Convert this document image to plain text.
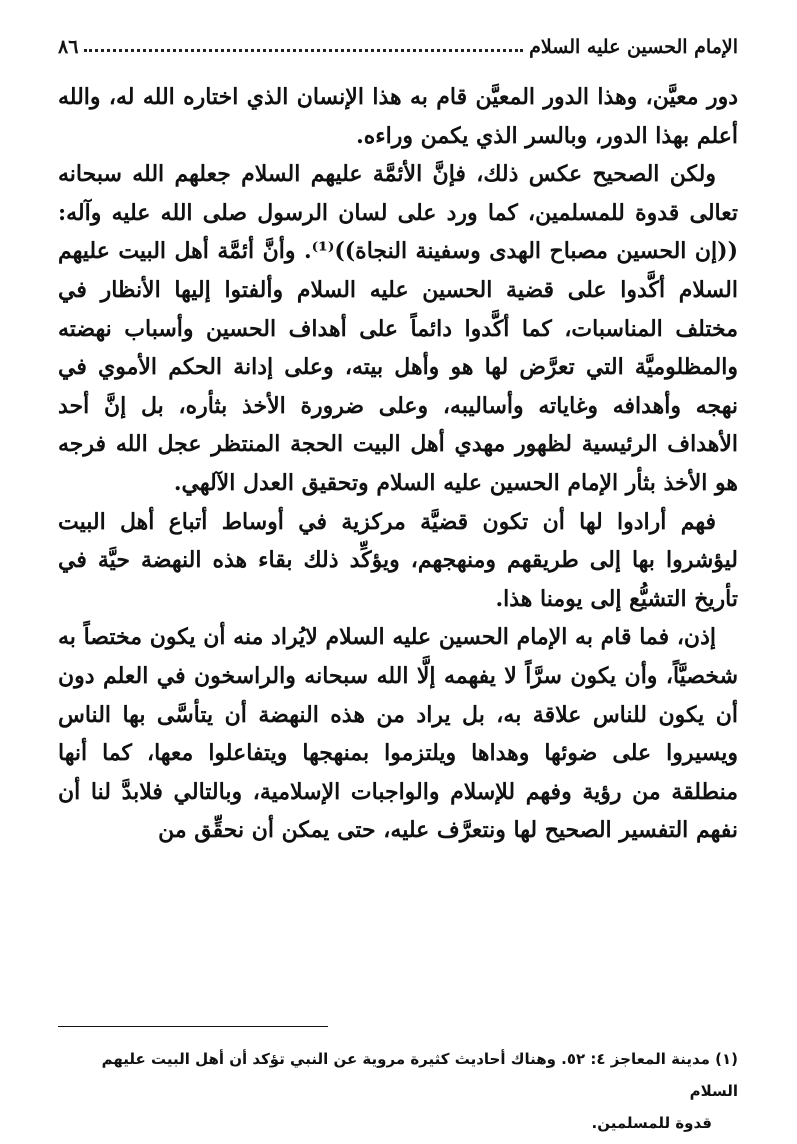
الإمام الحسين عليه السلام
٨٦

دور معيَّن، وهذا الدور المعيَّن قام به هذا الإنسان الذي اختاره الله له، والله أعلم بهذا الدور، وبالسر الذي يكمن وراءه.

ولكن الصحيح عكس ذلك، فإنَّ الأئمَّة عليهم السلام جعلهم الله سبحانه تعالى قدوة للمسلمين، كما ورد على لسان الرسول صلى الله عليه وآله: ((إن الحسين مصباح الهدى وسفينة النجاة))⁽¹⁾. وأنَّ أئمَّة أهل البيت عليهم السلام أكَّدوا على قضية الحسين عليه السلام وألفتوا إليها الأنظار في مختلف المناسبات، كما أكَّدوا دائماً على أهداف الحسين وأسباب نهضته والمظلوميَّة التي تعرَّض لها هو وأهل بيته، وعلى إدانة الحكم الأموي في نهجه وأهدافه وغاياته وأساليبه، وعلى ضرورة الأخذ بثأره، بل إنَّ أحد الأهداف الرئيسية لظهور مهدي أهل البيت الحجة المنتظر عجل الله فرجه هو الأخذ بثأر الإمام الحسين عليه السلام وتحقيق العدل الآلهي.

فهم أرادوا لها أن تكون قضيَّة مركزية في أوساط أتباع أهل البيت ليؤشروا بها إلى طريقهم ومنهجهم، ويؤكِّد ذلك بقاء هذه النهضة حيَّة في تأريخ التشيُّع إلى يومنا هذا.

إذن، فما قام به الإمام الحسين عليه السلام لايُراد منه أن يكون مختصاً به شخصيَّاً، وأن يكون سرَّاً لا يفهمه إلَّا الله سبحانه والراسخون في العلم دون أن يكون للناس علاقة به، بل يراد من هذه النهضة أن يتأسَّى بها الناس ويسيروا على ضوئها وهداها ويلتزموا بمنهجها ويتفاعلوا معها، كما أنها منطلقة من رؤية وفهم للإسلام والواجبات الإسلامية، وبالتالي فلابدَّ لنا أن نفهم التفسير الصحيح لها ونتعرَّف عليه، حتى يمكن أن نحقِّق من

(١) مدينة المعاجز ٤: ٥٢. وهناك أحاديث كثيرة مروية عن النبي تؤكد أن أهل البيت عليهم السلام

قدوة للمسلمين.
